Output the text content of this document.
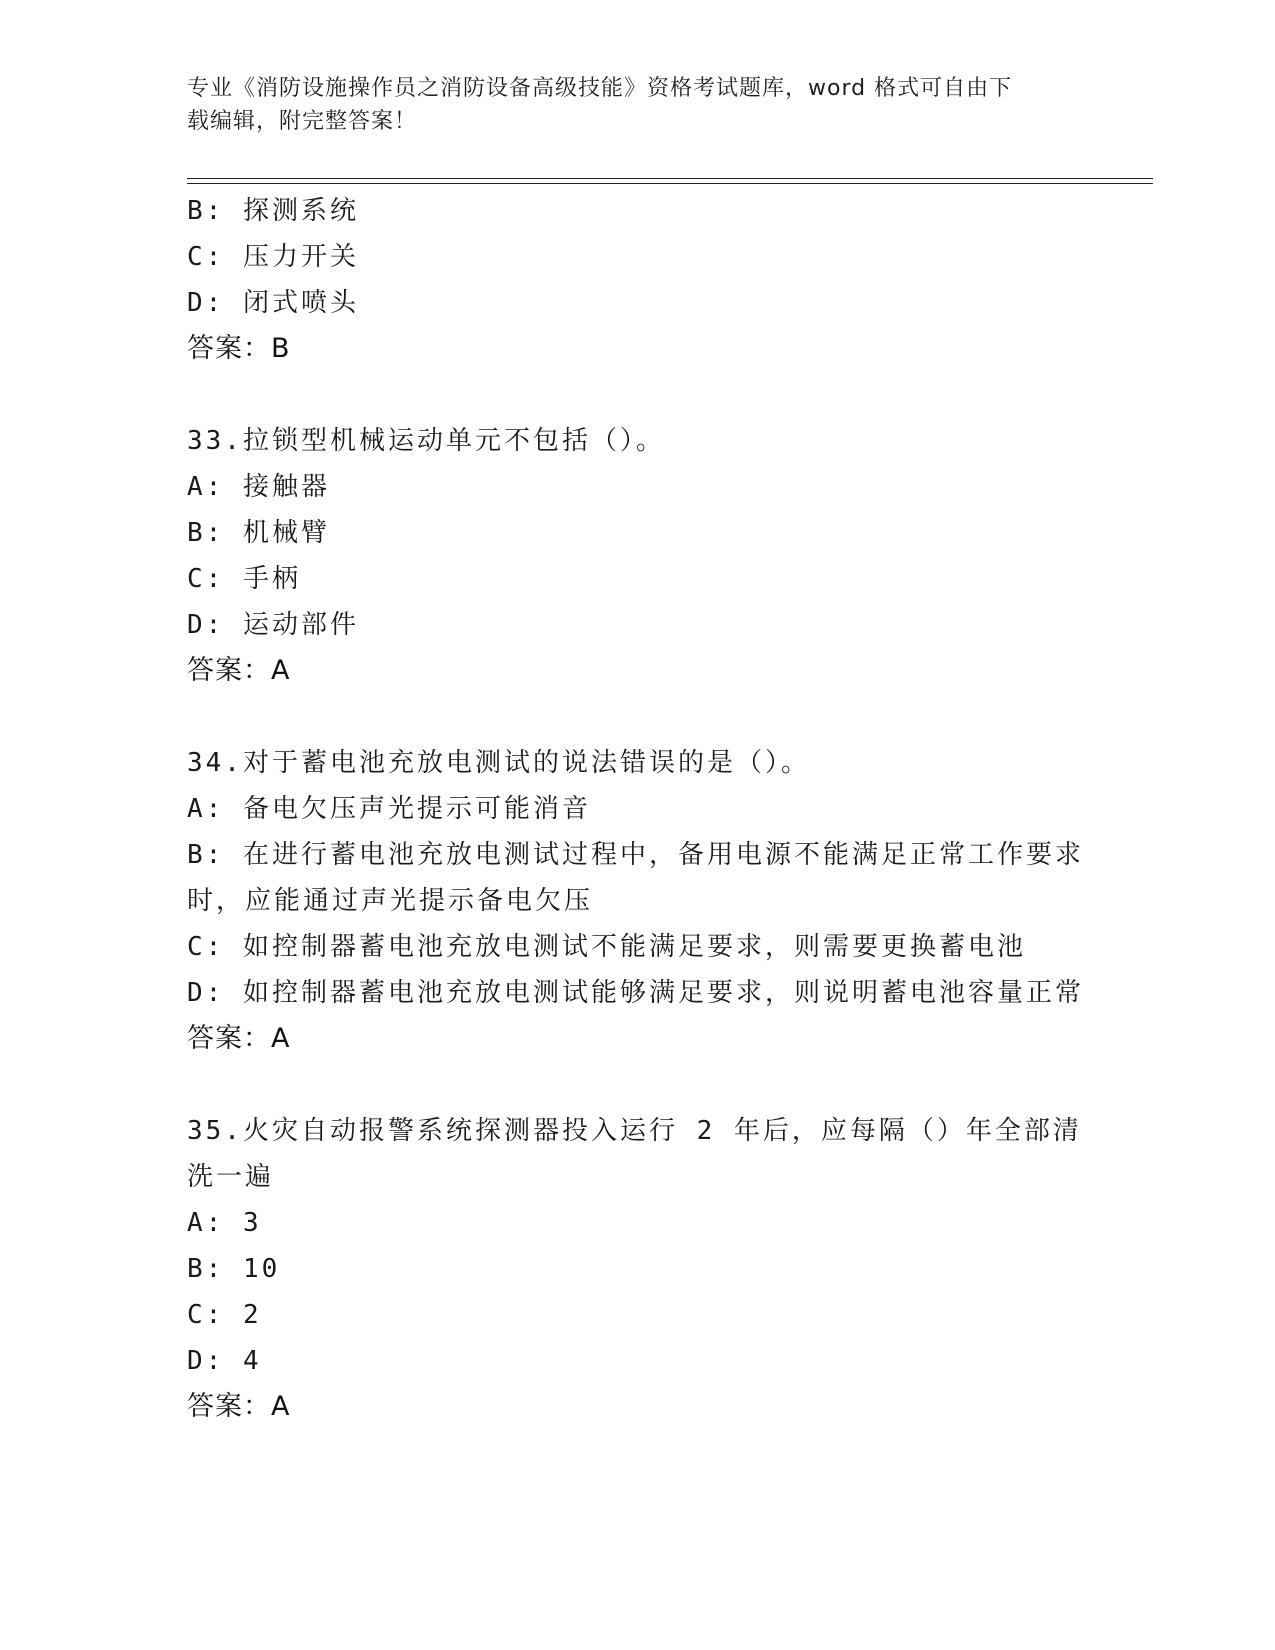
专业《消防设施操作员之消防设备高级技能》资格考试题库，word 格式可自由下
载编辑，附完整答案！
B: 探测系统
C: 压力开关
D: 闭式喷头
答案：B
33.拉锁型机械运动单元不包括（）。
A: 接触器
B: 机械臂
C: 手柄
D: 运动部件
答案：A
34.对于蓄电池充放电测试的说法错误的是（）。
A: 备电欠压声光提示可能消音
B: 在进行蓄电池充放电测试过程中，备用电源不能满足正常工作要求时，应能通过声光提示备电欠压
C: 如控制器蓄电池充放电测试不能满足要求，则需要更换蓄电池
D: 如控制器蓄电池充放电测试能够满足要求，则说明蓄电池容量正常
答案：A
35.火灾自动报警系统探测器投入运行 2 年后，应每隔（）年全部清洗一遍
A: 3
B: 10
C: 2
D: 4
答案：A
